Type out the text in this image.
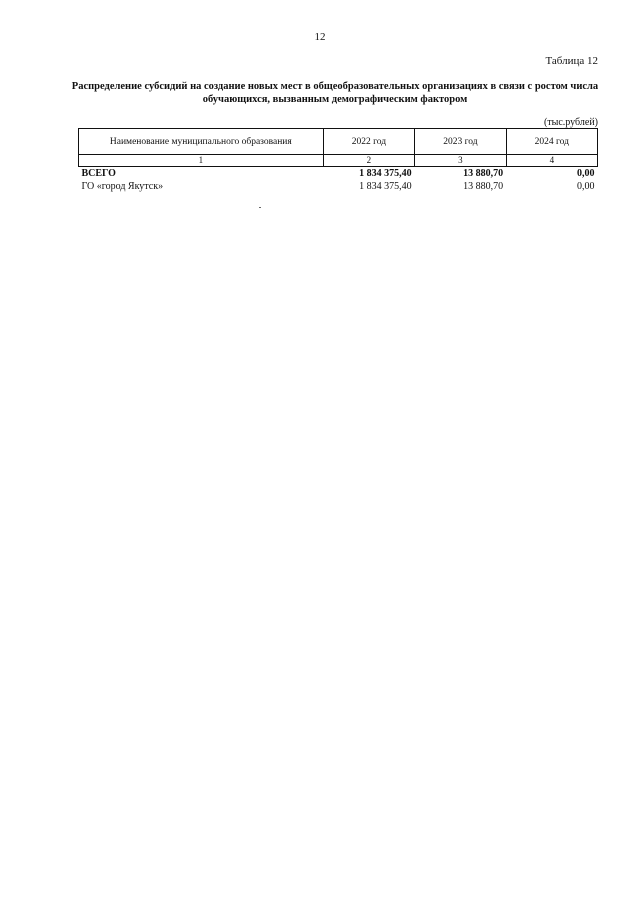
12
Таблица 12
Распределение субсидий на создание новых мест в общеобразовательных организациях в связи с ростом числа
обучающихся, вызванным демографическим фактором
(тыс.рублей)
Наименование муниципального образования	2022 год	2023 год	2024 год
1	2	3	4
ВСЕГО	1 834 375,40	13 880,70	0,00
ГО «город Якутск»	1 834 375,40	13 880,70	0,00
